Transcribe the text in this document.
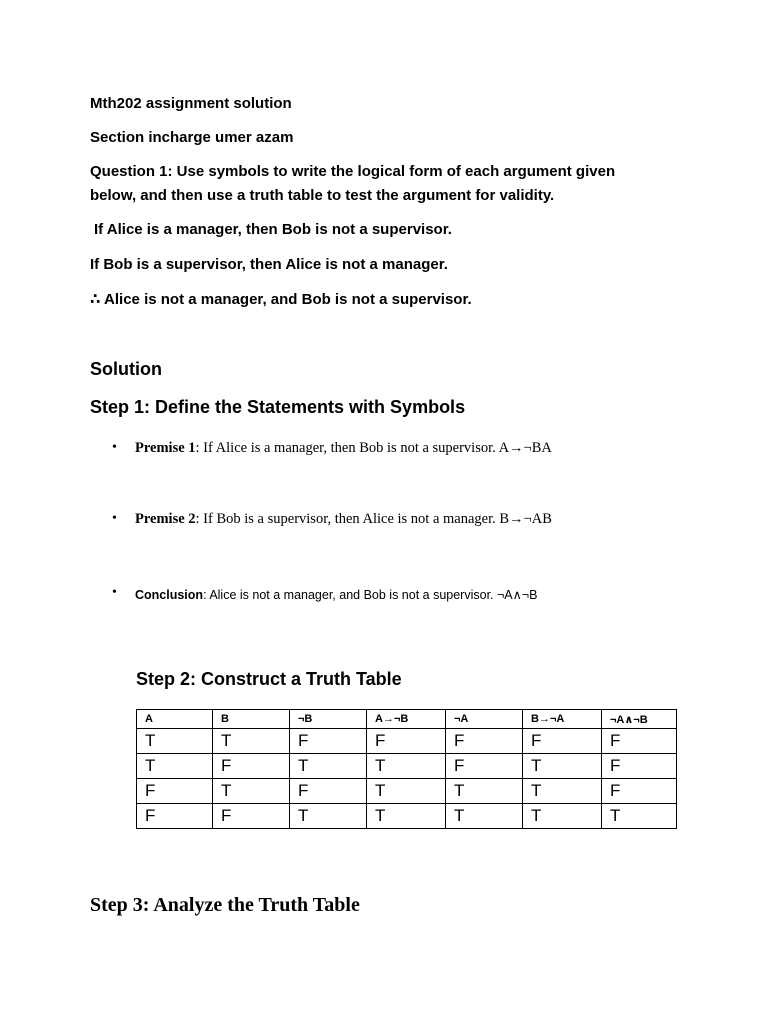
Mth202 assignment solution
Section incharge umer azam
Question 1: Use symbols to write the logical form of each argument given
below, and then use a truth table to test the argument for validity.
If Alice is a manager, then Bob is not a supervisor.
If Bob is a supervisor, then Alice is not a manager.
∴ Alice is not a manager, and Bob is not a supervisor.
Solution
Step 1: Define the Statements with Symbols
• Premise 1: If Alice is a manager, then Bob is not a supervisor. A→¬BA
• Premise 2: If Bob is a supervisor, then Alice is not a manager. B→¬AB
• Conclusion: Alice is not a manager, and Bob is not a supervisor. ¬A∧¬B
Step 2: Construct a Truth Table
A	B	¬B	A→¬B	¬A	B→¬A	¬A∧¬B
T	T	F	F	F	F	F
T	F	T	T	F	T	F
F	T	F	T	T	T	F
F	F	T	T	T	T	T
Step 3: Analyze the Truth Table
